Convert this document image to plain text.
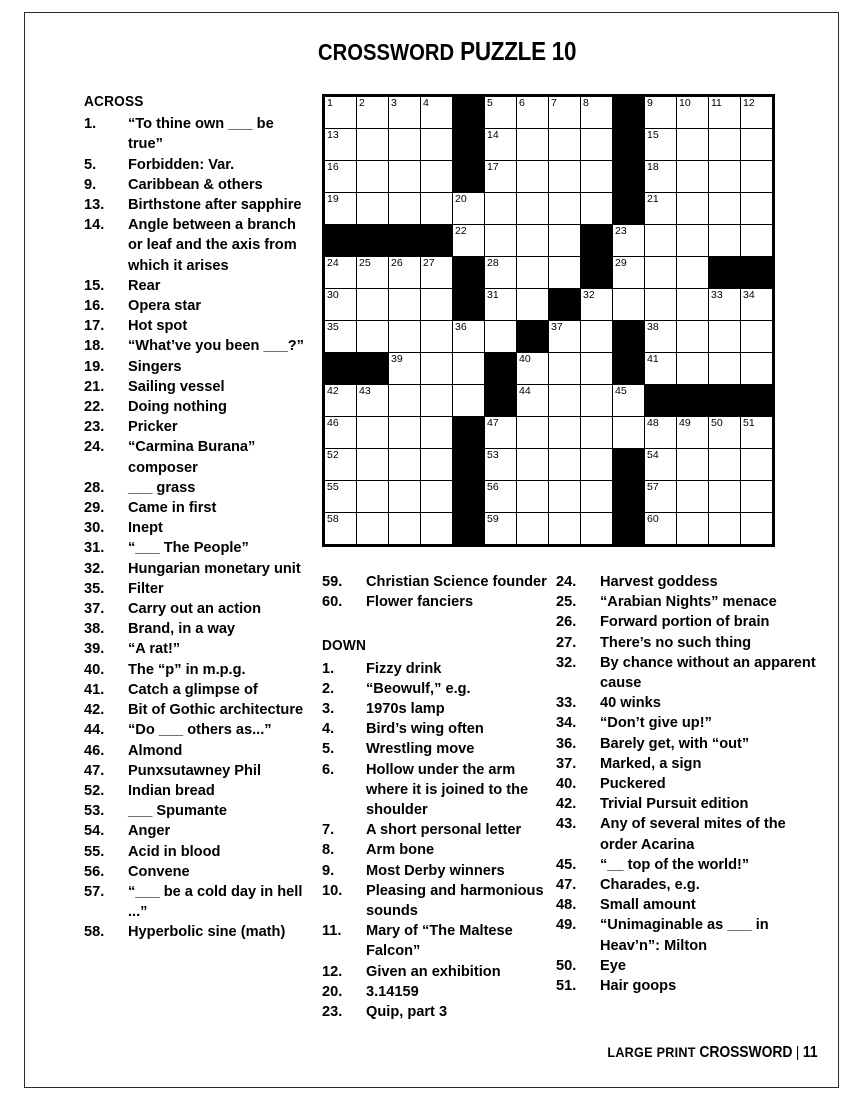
CROSSWORD PUZZLE 10
ACROSS
1.	“To thine own ___ be true”
5.	Forbidden: Var.
9.	Caribbean & others
13.	Birthstone after sapphire
14.	Angle between a branch or leaf and the axis from which it arises
15.	Rear
16.	Opera star
17.	Hot spot
18.	“What’ve you been ___?”
19.	Singers
21.	Sailing vessel
22.	Doing nothing
23.	Pricker
24.	“Carmina Burana” composer
28.	___ grass
29.	Came in first
30.	Inept
31.	“___ The People”
32.	Hungarian monetary unit
35.	Filter
37.	Carry out an action
38.	Brand, in a way
39.	“A rat!”
40.	The “p” in m.p.g.
41.	Catch a glimpse of
42.	Bit of Gothic architecture
44.	“Do ___ others as...”
46.	Almond
47.	Punxsutawney Phil
52.	Indian bread
53.	___ Spumante
54.	Anger
55.	Acid in blood
56.	Convene
57.	“___ be a cold day in hell ...”
58.	Hyperbolic sine (math)
59.	Christian Science founder
60.	Flower fanciers
DOWN
1.	Fizzy drink
2.	“Beowulf,” e.g.
3.	1970s lamp
4.	Bird’s wing often
5.	Wrestling move
6.	Hollow under the arm where it is joined to the shoulder
7.	A short personal letter
8.	Arm bone
9.	Most Derby winners
10.	Pleasing and harmonious sounds
11.	Mary of “The Maltese Falcon”
12.	Given an exhibition
20.	3.14159
23.	Quip, part 3
24.	Harvest goddess
25.	“Arabian Nights” menace
26.	Forward portion of brain
27.	There’s no such thing
32.	By chance without an apparent cause
33.	40 winks
34.	“Don’t give up!”
36.	Barely get, with “out”
37.	Marked, a sign
40.	Puckered
42.	Trivial Pursuit edition
43.	Any of several mites of the order Acarina
45.	“__ top of the world!”
47.	Charades, e.g.
48.	Small amount
49.	“Unimaginable as ___ in Heav’n”: Milton
50.	Eye
51.	Hair goops
1	2	3	4		5	6	7	8		9	10	11	12

13					14					15			

16					17					18			

19				20						21			

				22					23				

24	25	26	27		28				29				

30					31			32				33	34

35				36			37			38			

		39				40				41			

42	43					44			45				

46					47					48	49	50	51

52					53					54			

55					56					57			

58					59					60			

LARGE PRINT CROSSWORD | 11
